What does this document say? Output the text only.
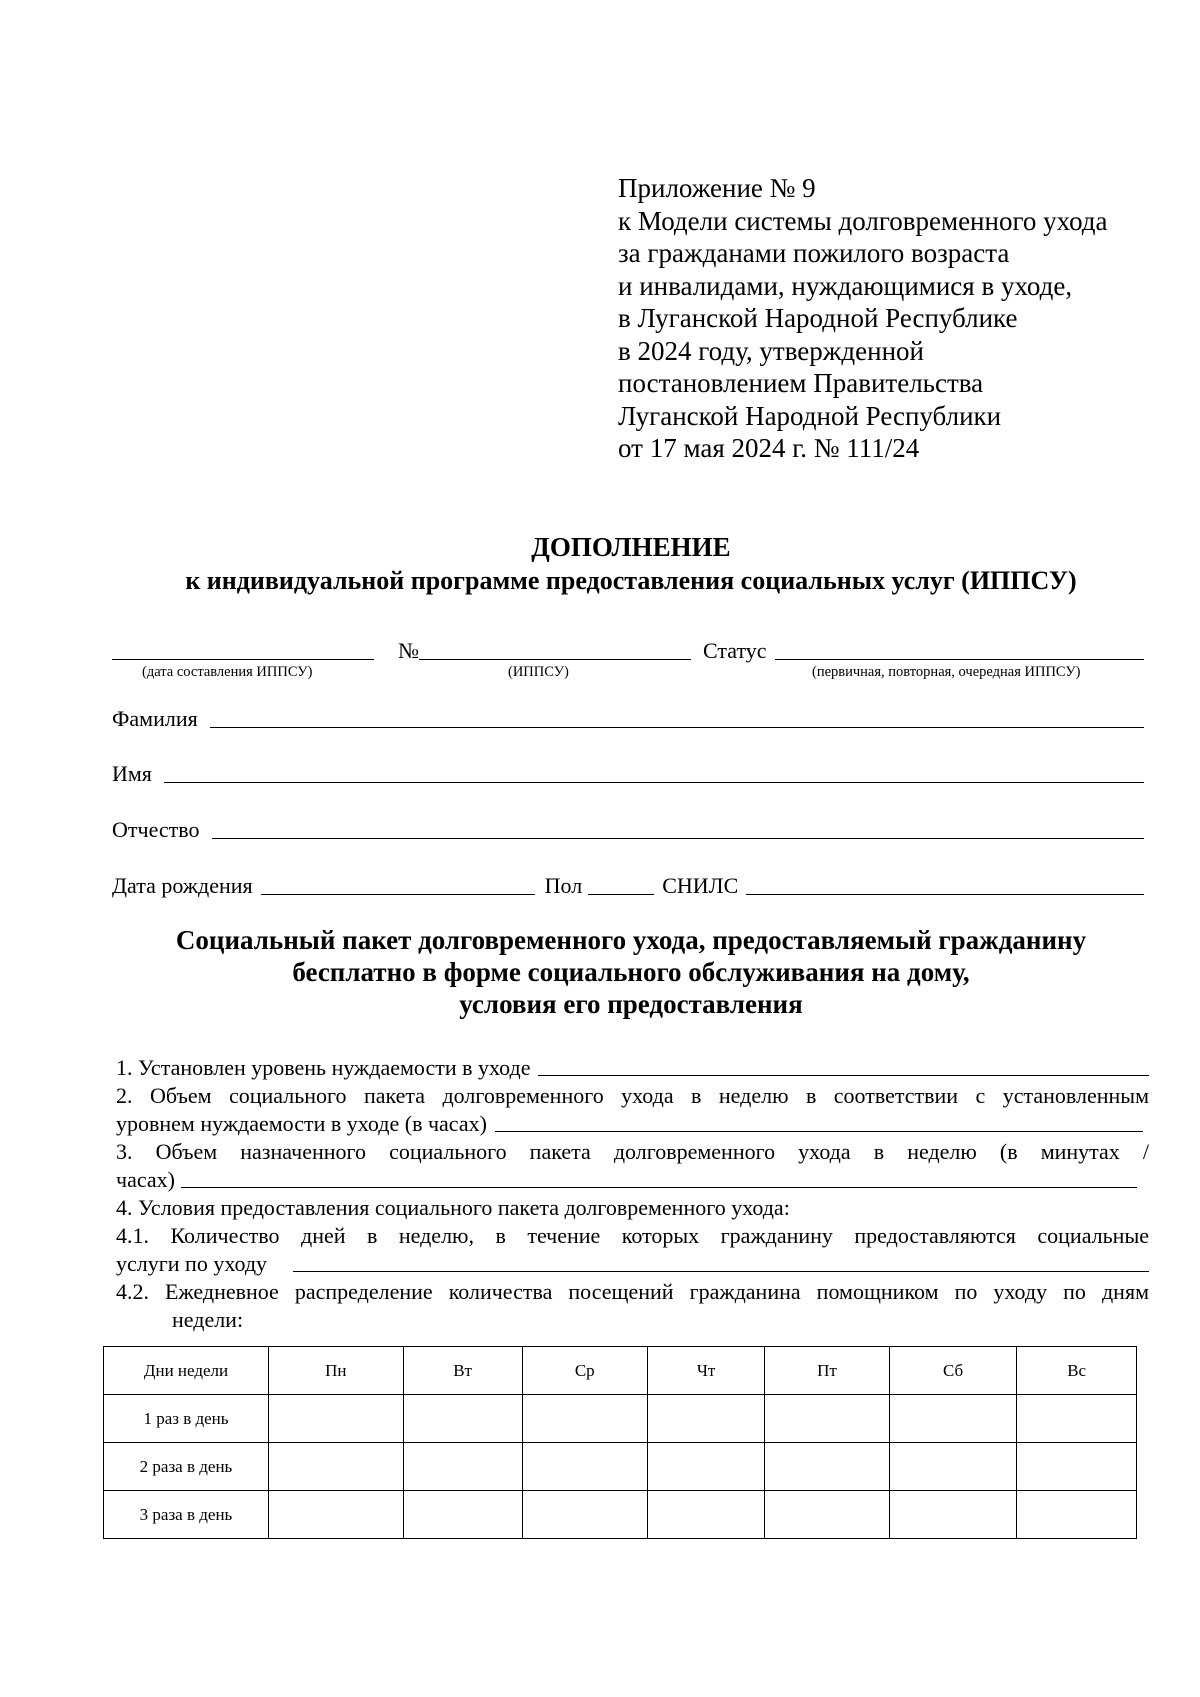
Приложение № 9
к Модели системы долговременного ухода
за гражданами пожилого возраста
и инвалидами, нуждающимися в уходе,
в Луганской Народной Республике
в 2024 году, утвержденной
постановлением Правительства
Луганской Народной Республики
от 17 мая 2024 г. № 111/24
ДОПОЛНЕНИЕ
к индивидуальной программе предоставления социальных услуг (ИППСУ)
№	Статус
(дата составления ИППСУ)	(ИППСУ)	(первичная, повторная, очередная ИППСУ)
Фамилия
Имя
Отчество
Дата рождения	Пол	СНИЛС
Социальный пакет долговременного ухода, предоставляемый гражданину
бесплатно в форме социального обслуживания на дому,
условия его предоставления
1. Установлен уровень нуждаемости в уходе
2. Объем социального пакета долговременного ухода в неделю в соответствии с установленным
уровнем нуждаемости в уходе (в часах)
3. Объем назначенного социального пакета долговременного ухода в неделю (в минутах /
часах)
4. Условия предоставления социального пакета долговременного ухода:
4.1. Количество дней в неделю, в течение которых гражданину предоставляются социальные
услуги по уходу
4.2. Ежедневное распределение количества посещений гражданина помощником по уходу по дням
недели:
Дни недели	Пн	Вт	Ср	Чт	Пт	Сб	Вс
1 раз в день							
2 раза в день							
3 раза в день							
